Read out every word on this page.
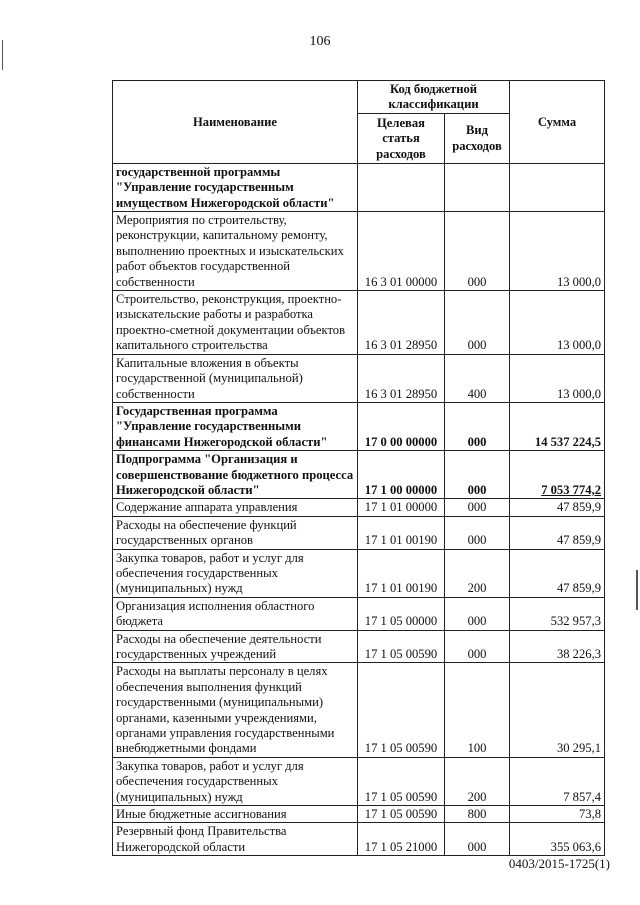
106
Наименование	Код бюджетной классификации		Сумма
	Целевая статья расходов	Вид расходов	
государственной программы "Управление государственным имуществом Нижегородской области"			
Мероприятия по строительству, реконструкции, капитальному ремонту, выполнению проектных и изыскательских работ объектов государственной собственности	16 3 01 00000	000	13 000,0
Строительство, реконструкция, проектно-изыскательские работы и разработка проектно-сметной документации объектов капитального строительства	16 3 01 28950	000	13 000,0
Капитальные вложения в объекты государственной (муниципальной) собственности	16 3 01 28950	400	13 000,0
Государственная программа "Управление государственными финансами Нижегородской области"	17 0 00 00000	000	14 537 224,5
Подпрограмма "Организация и совершенствование бюджетного процесса Нижегородской области"	17 1 00 00000	000	7 053 774,2
Содержание аппарата управления	17 1 01 00000	000	47 859,9
Расходы на обеспечение функций государственных органов	17 1 01 00190	000	47 859,9
Закупка товаров, работ и услуг для обеспечения государственных (муниципальных) нужд	17 1 01 00190	200	47 859,9
Организация исполнения областного бюджета	17 1 05 00000	000	532 957,3
Расходы на обеспечение деятельности государственных учреждений	17 1 05 00590	000	38 226,3
Расходы на выплаты персоналу в целях обеспечения выполнения функций государственными (муниципальными) органами, казенными учреждениями, органами управления государственными внебюджетными фондами	17 1 05 00590	100	30 295,1
Закупка товаров, работ и услуг для обеспечения государственных (муниципальных) нужд	17 1 05 00590	200	7 857,4
Иные бюджетные ассигнования	17 1 05 00590	800	73,8
Резервный фонд Правительства Нижегородской области	17 1 05 21000	000	355 063,6
0403/2015-1725(1)
